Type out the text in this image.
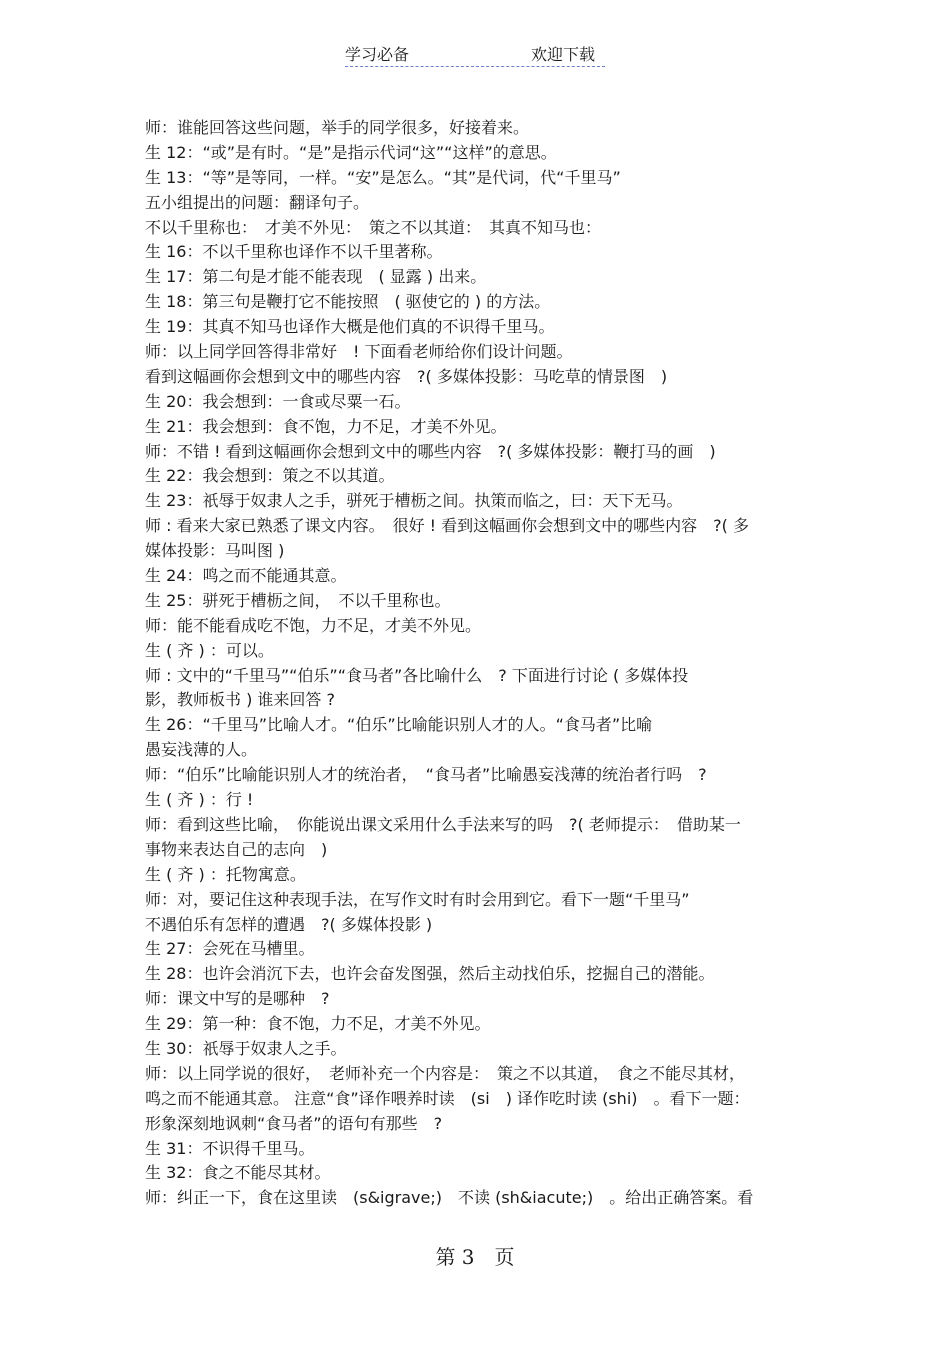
学习必备	欢迎下载
师：谁能回答这些问题，举手的同学很多，好接着来。
生 12：“或”是有时。“是”是指示代词“这”“这样”的意思。
生 13：“等”是等同，一样。“安”是怎么。“其”是代词，代“千里马”
五小组提出的问题：翻译句子。
不以千里称也：　才美不外见：　策之不以其道：　其真不知马也：
生 16：不以千里称也译作不以千里著称。
生 17：第二句是才能不能表现　( 显露 ) 出来。
生 18：第三句是鞭打它不能按照　( 驱使它的 ) 的方法。
生 19：其真不知马也译作大概是他们真的不识得千里马。
师：以上同学回答得非常好　! 下面看老师给你们设计问题。
看到这幅画你会想到文中的哪些内容　?( 多媒体投影：马吃草的情景图　)
生 20：我会想到：一食或尽粟一石。
生 21：我会想到：食不饱，力不足，才美不外见。
师：不错 ! 看到这幅画你会想到文中的哪些内容　?( 多媒体投影：鞭打马的画　)
生 22：我会想到：策之不以其道。
生 23：祇辱于奴隶人之手，骈死于槽枥之间。执策而临之，曰：天下无马。
师 : 看来大家已熟悉了课文内容。　很好 ! 看到这幅画你会想到文中的哪些内容　?( 多
媒体投影：马叫图 )
生 24：鸣之而不能通其意。
生 25：骈死于槽枥之间，　不以千里称也。
师：能不能看成吃不饱，力不足，才美不外见。
生 ( 齐 ) ：可以。
师 : 文中的“千里马”“伯乐”“食马者”各比喻什么　? 下面进行讨论 ( 多媒体投
影，教师板书 ) 谁来回答 ?
生 26：“千里马”比喻人才。“伯乐”比喻能识别人才的人。“食马者”比喻
愚妄浅薄的人。
师：“伯乐”比喻能识别人才的统治者，　“食马者”比喻愚妄浅薄的统治者行吗　?
生 ( 齐 ) ：行 !
师：看到这些比喻，　你能说出课文采用什么手法来写的吗　?( 老师提示：　借助某一
事物来表达自己的志向　)
生 ( 齐 ) ：托物寓意。
师：对，要记住这种表现手法，在写作文时有时会用到它。看下一题“千里马”
不遇伯乐有怎样的遭遇　?( 多媒体投影 )
生 27：会死在马槽里。
生 28：也许会消沉下去，也许会奋发图强，然后主动找伯乐，挖掘自己的潜能。
师：课文中写的是哪种　?
生 29：第一种：食不饱，力不足，才美不外见。
生 30：祇辱于奴隶人之手。
师：以上同学说的很好，　老师补充一个内容是：　策之不以其道，　食之不能尽其材，
鸣之而不能通其意。 注意“食”译作喂养时读　(si　) 译作吃时读 (shi)　。看下一题：
形象深刻地讽刺“食马者”的语句有那些　?
生 31：不识得千里马。
生 32：食之不能尽其材。
师：纠正一下，食在这里读　(s&igrave;)　不读 (sh&iacute;)　。给出正确答案。看
第 3　页
